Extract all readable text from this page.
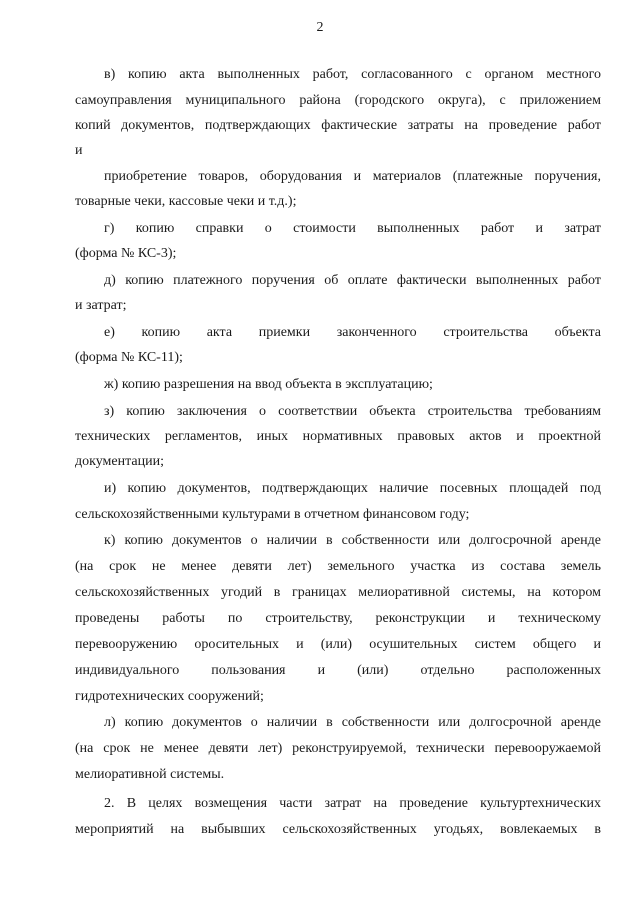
2
в) копию акта выполненных работ, согласованного с органом местного
самоуправления муниципального района (городского округа), с приложением
копий документов, подтверждающих фактические затраты на проведение работ
и
приобретение товаров, оборудования и материалов (платежные поручения,
товарные чеки, кассовые чеки и т.д.);
г) копию справки о стоимости выполненных работ и затрат
(форма № КС-3);
д) копию платежного поручения об оплате фактически выполненных работ
и затрат;
е) копию акта приемки законченного строительства объекта
(форма № КС-11);
ж) копию разрешения на ввод объекта в эксплуатацию;
з) копию заключения о соответствии объекта строительства требованиям
технических регламентов, иных нормативных правовых актов и проектной
документации;
и) копию документов, подтверждающих наличие посевных площадей под
сельскохозяйственными культурами в отчетном финансовом году;
к) копию документов о наличии в собственности или долгосрочной аренде
(на срок не менее девяти лет) земельного участка из состава земель
сельскохозяйственных угодий в границах мелиоративной системы, на котором
проведены работы по строительству, реконструкции и техническому
перевооружению оросительных и (или) осушительных систем общего и
индивидуального пользования и (или) отдельно расположенных
гидротехнических сооружений;
л) копию документов о наличии в собственности или долгосрочной аренде
(на срок не менее девяти лет) реконструируемой, технически перевооружаемой
мелиоративной системы.
2. В целях возмещения части затрат на проведение культуртехнических
мероприятий на выбывших сельскохозяйственных угодьях, вовлекаемых в
